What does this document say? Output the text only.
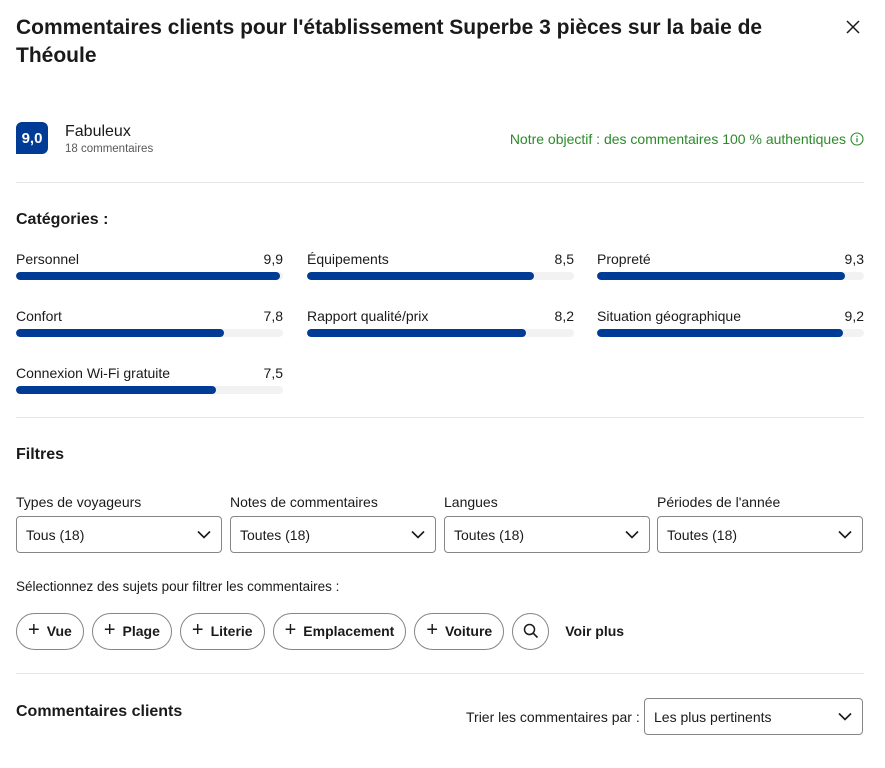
Commentaires clients pour l'établissement Superbe 3 pièces sur la baie de Théoule
9,0	Fabuleux
18 commentaires
Notre objectif : des commentaires 100 % authentiques
Catégories :
Personnel	9,9 Équipements	8,5 Propreté	9,3
Confort	7,8 Rapport qualité/prix	8,2 Situation géographique	9,2
Connexion Wi-Fi gratuite	7,5
Filtres
Types de voyageurs
Tous (18)
Notes de commentaires
Toutes (18)
Langues
Toutes (18)
Périodes de l'année
Toutes (18)
Sélectionnez des sujets pour filtrer les commentaires :
+ Vue + Plage + Literie + Emplacement + Voiture	Voir plus
Commentaires clients	Trier les commentaires par : Les plus pertinents
